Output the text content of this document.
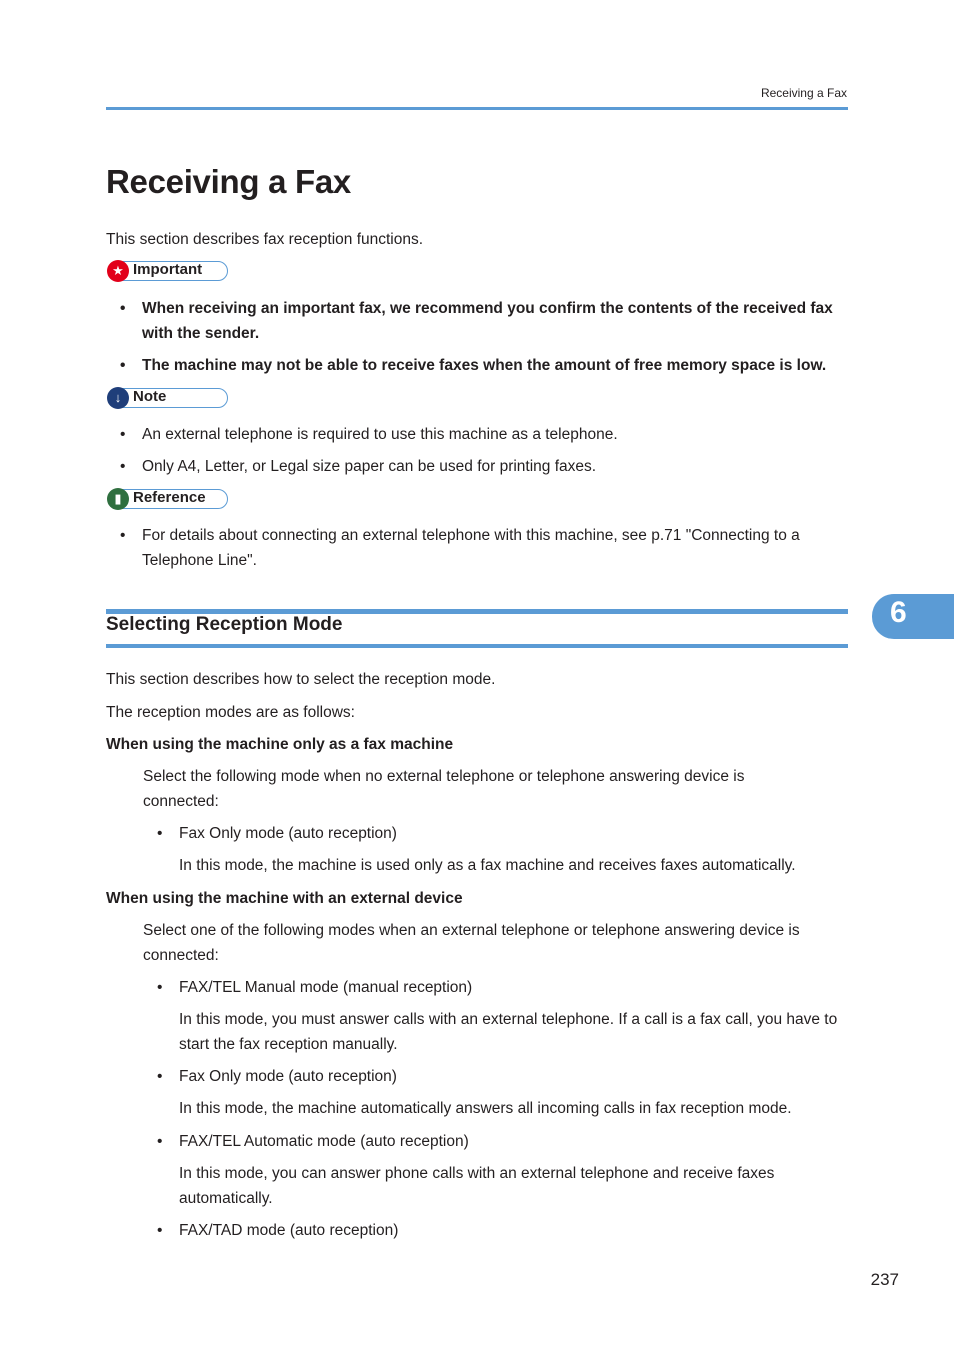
Receiving a Fax
Receiving a Fax
This section describes fax reception functions.
★ Important
• When receiving an important fax, we recommend you confirm the contents of the received fax with the sender.
• The machine may not be able to receive faxes when the amount of free memory space is low.
↓ Note
• An external telephone is required to use this machine as a telephone.
• Only A4, Letter, or Legal size paper can be used for printing faxes.
▮ Reference
• For details about connecting an external telephone with this machine, see p.71 "Connecting to a Telephone Line".
Selecting Reception Mode	6
This section describes how to select the reception mode.
The reception modes are as follows:
When using the machine only as a fax machine
Select the following mode when no external telephone or telephone answering device is connected:
• Fax Only mode (auto reception)
In this mode, the machine is used only as a fax machine and receives faxes automatically.
When using the machine with an external device
Select one of the following modes when an external telephone or telephone answering device is connected:
• FAX/TEL Manual mode (manual reception)
In this mode, you must answer calls with an external telephone. If a call is a fax call, you have to start the fax reception manually.
• Fax Only mode (auto reception)
In this mode, the machine automatically answers all incoming calls in fax reception mode.
• FAX/TEL Automatic mode (auto reception)
In this mode, you can answer phone calls with an external telephone and receive faxes automatically.
• FAX/TAD mode (auto reception)
237
